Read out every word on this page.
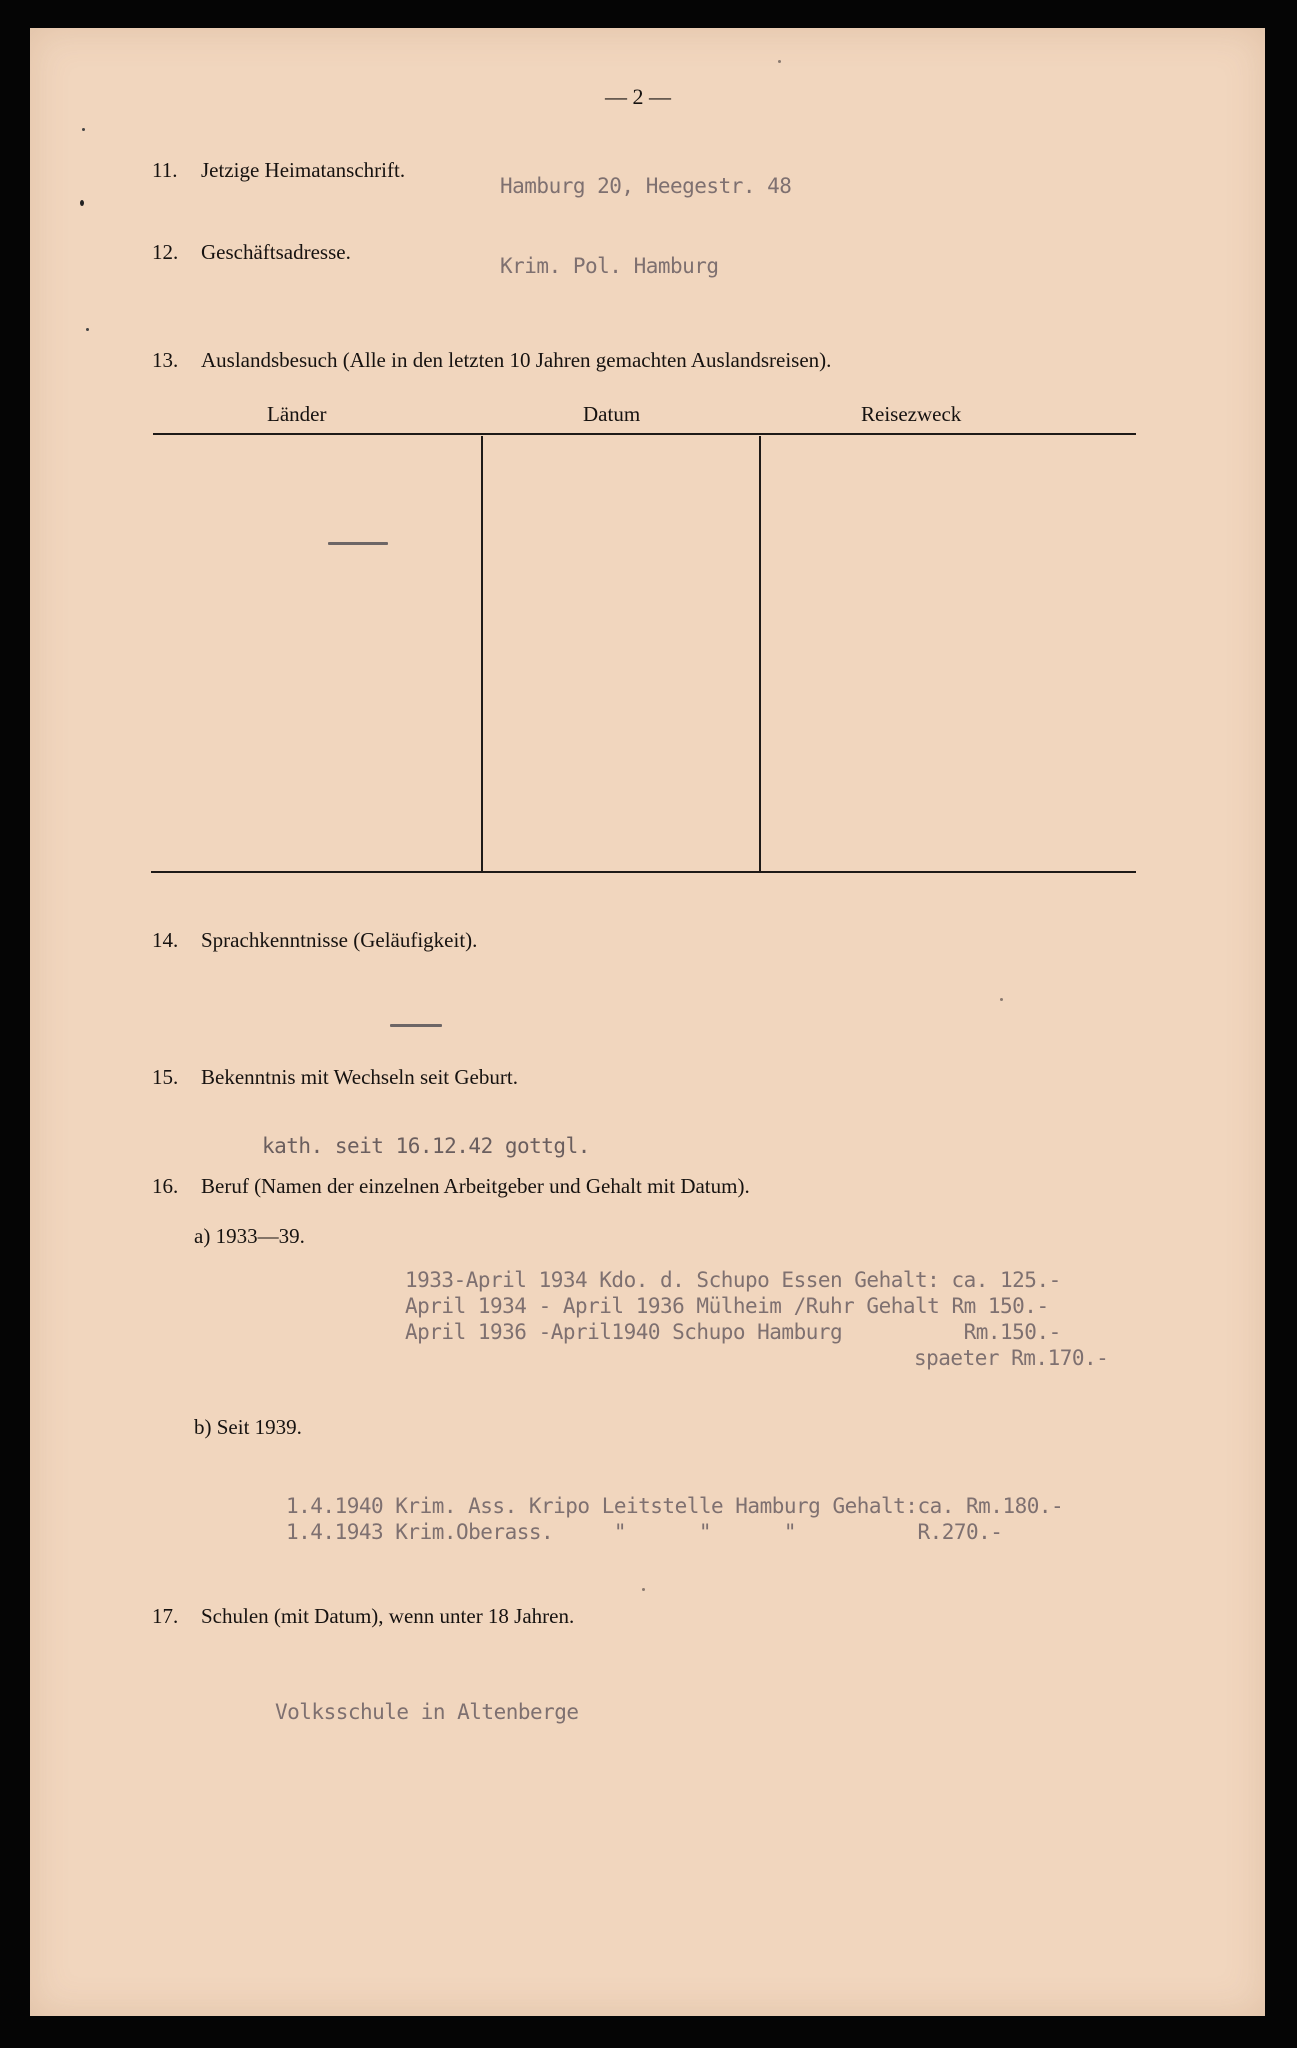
— 2 —
11. Jetzige Heimatanschrift.
Hamburg 20, Heegestr. 48
12. Geschäftsadresse.
Krim. Pol. Hamburg
13. Auslandsbesuch (Alle in den letzten 10 Jahren gemachten Auslandsreisen).
Länder	Datum	Reisezweck
14. Sprachkenntnisse (Geläufigkeit).
15. Bekenntnis mit Wechseln seit Geburt.
kath. seit 16.12.42 gottgl.
16. Beruf (Namen der einzelnen Arbeitgeber und Gehalt mit Datum).
a) 1933—39.
1933-April 1934 Kdo. d. Schupo Essen Gehalt: ca. 125.-
April 1934 - April 1936 Mülheim /Ruhr Gehalt Rm 150.-
April 1936 -April1940 Schupo Hamburg          Rm.150.-
spaeter Rm.170.-
b) Seit 1939.
1.4.1940 Krim. Ass. Kripo Leitstelle Hamburg Gehalt:ca. Rm.180.-
1.4.1943 Krim.Oberass.     "      "      "          R.270.-
17. Schulen (mit Datum), wenn unter 18 Jahren.
Volksschule in Altenberge
